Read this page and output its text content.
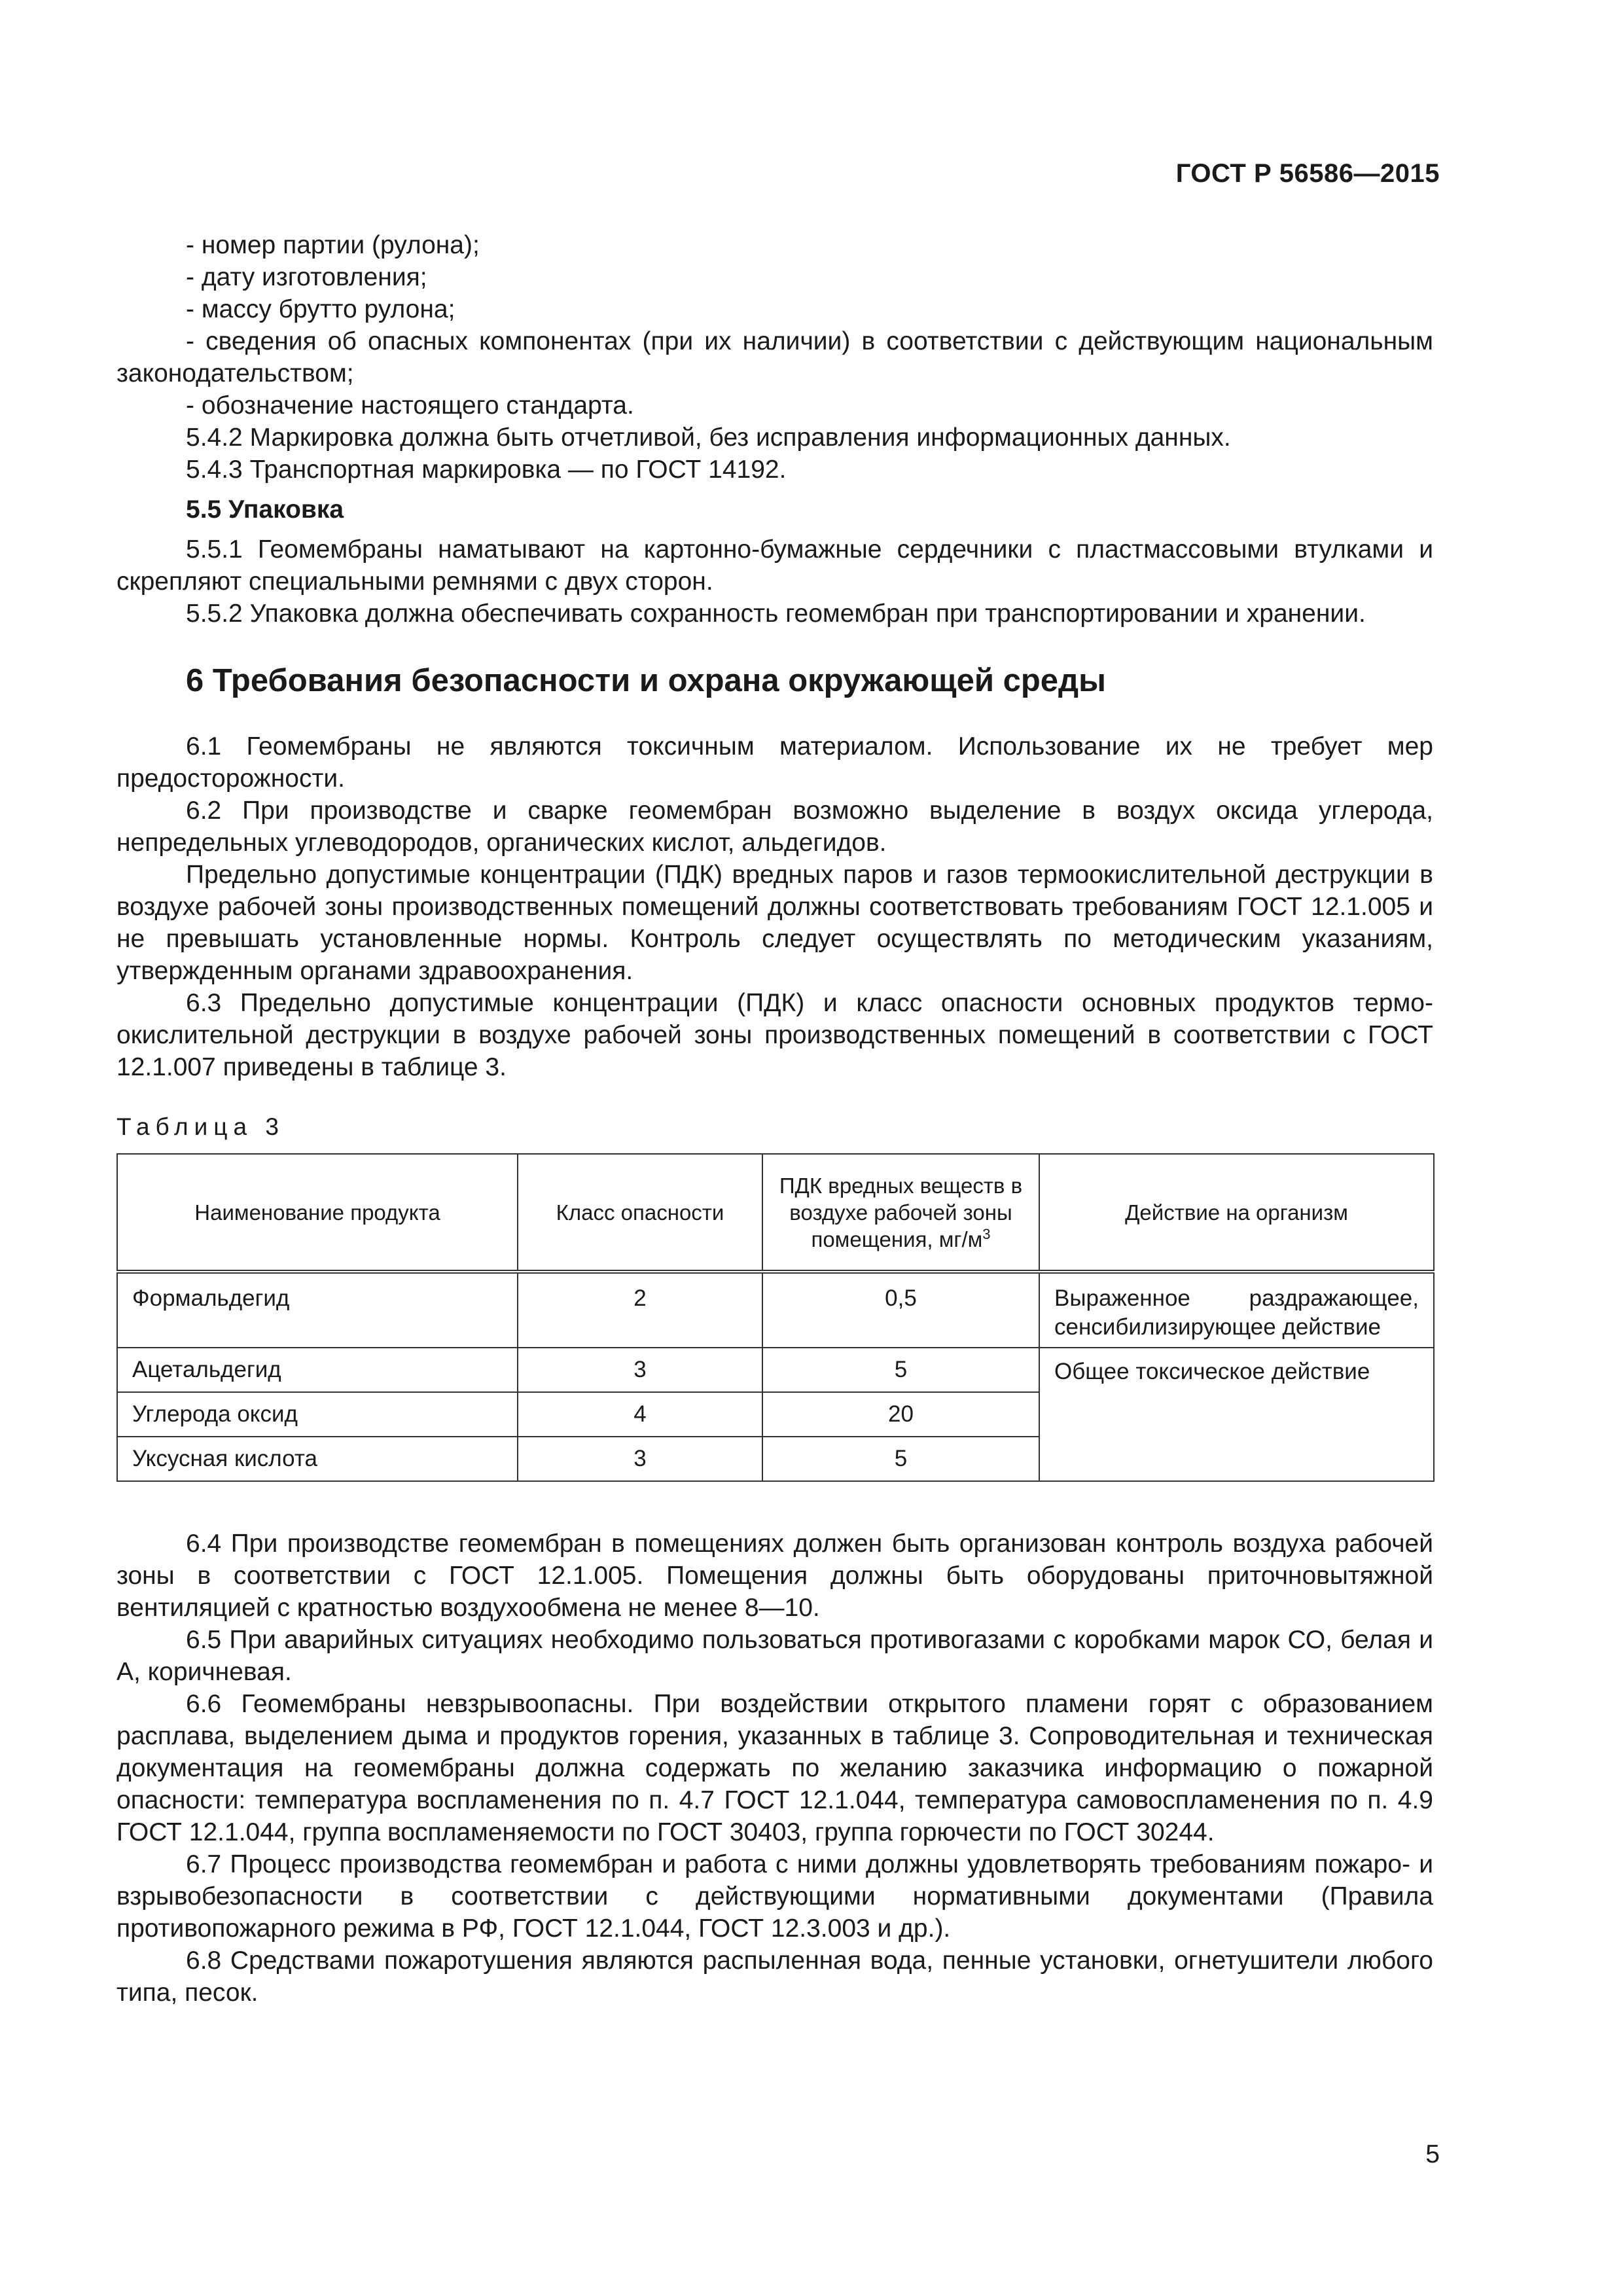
ГОСТ Р 56586—2015

- номер партии (рулона);

- дату изготовления;

- массу брутто рулона;

- сведения об опасных компонентах (при их наличии) в соответствии с действующим национальным законодательством;

- обозначение настоящего стандарта.

5.4.2 Маркировка должна быть отчетливой, без исправления информационных данных.

5.4.3 Транспортная маркировка — по ГОСТ 14192.

5.5 Упаковка

5.5.1 Геомембраны наматывают на картонно-бумажные сердечники с пластмассовыми втулками и скрепляют специальными ремнями с двух сторон.

5.5.2 Упаковка должна обеспечивать сохранность геомембран при транспортировании и хранении.

6 Требования безопасности и охрана окружающей среды

6.1 Геомембраны не являются токсичным материалом. Использование их не требует мер предосторожности.

6.2 При производстве и сварке геомембран возможно выделение в воздух оксида углерода, непредельных углеводородов, органических кислот, альдегидов.

Предельно допустимые концентрации (ПДК) вредных паров и газов термоокислительной деструкции в воздухе рабочей зоны производственных помещений должны соответствовать требованиям ГОСТ 12.1.005 и не превышать установленные нормы. Контроль следует осуществлять по методическим указаниям, утвержденным органами здравоохранения.

6.3 Предельно допустимые концентрации (ПДК) и класс опасности основных продуктов термоокислительной деструкции в воздухе рабочей зоны производственных помещений в соответствии с ГОСТ 12.1.007 приведены в таблице 3.

Таблица 3
Наименование продукта	Класс опасности	ПДК вредных веществ в воздухе рабочей зоны помещения, $мг/м^3$	Действие на организм
Формальдегид	2	0,5	Выраженное раздражающее, сенсибилизирующее действие
Ацетальдегид	3	5	Общее токсическое действие
Углерода оксид	4	20	
Уксусная кислота	3	5	

6.4 При производстве геомембран в помещениях должен быть организован контроль воздуха рабочей зоны в соответствии с ГОСТ 12.1.005. Помещения должны быть оборудованы приточновытяжной вентиляцией с кратностью воздухообмена не менее 8—10.

6.5 При аварийных ситуациях необходимо пользоваться противогазами с коробками марок СО, белая и А, коричневая.

6.6 Геомембраны невзрывоопасны. При воздействии открытого пламени горят с образованием расплава, выделением дыма и продуктов горения, указанных в таблице 3. Сопроводительная и техническая документация на геомембраны должна содержать по желанию заказчика информацию о пожарной опасности: температура воспламенения по п. 4.7 ГОСТ 12.1.044, температура самовоспламенения по п. 4.9 ГОСТ 12.1.044, группа воспламеняемости по ГОСТ 30403, группа горючести по ГОСТ 30244.

6.7 Процесс производства геомембран и работа с ними должны удовлетворять требованиям пожаро- и взрывобезопасности в соответствии с действующими нормативными документами (Правила противопожарного режима в РФ, ГОСТ 12.1.044, ГОСТ 12.3.003 и др.).

6.8 Средствами пожаротушения являются распыленная вода, пенные установки, огнетушители любого типа, песок.

5
